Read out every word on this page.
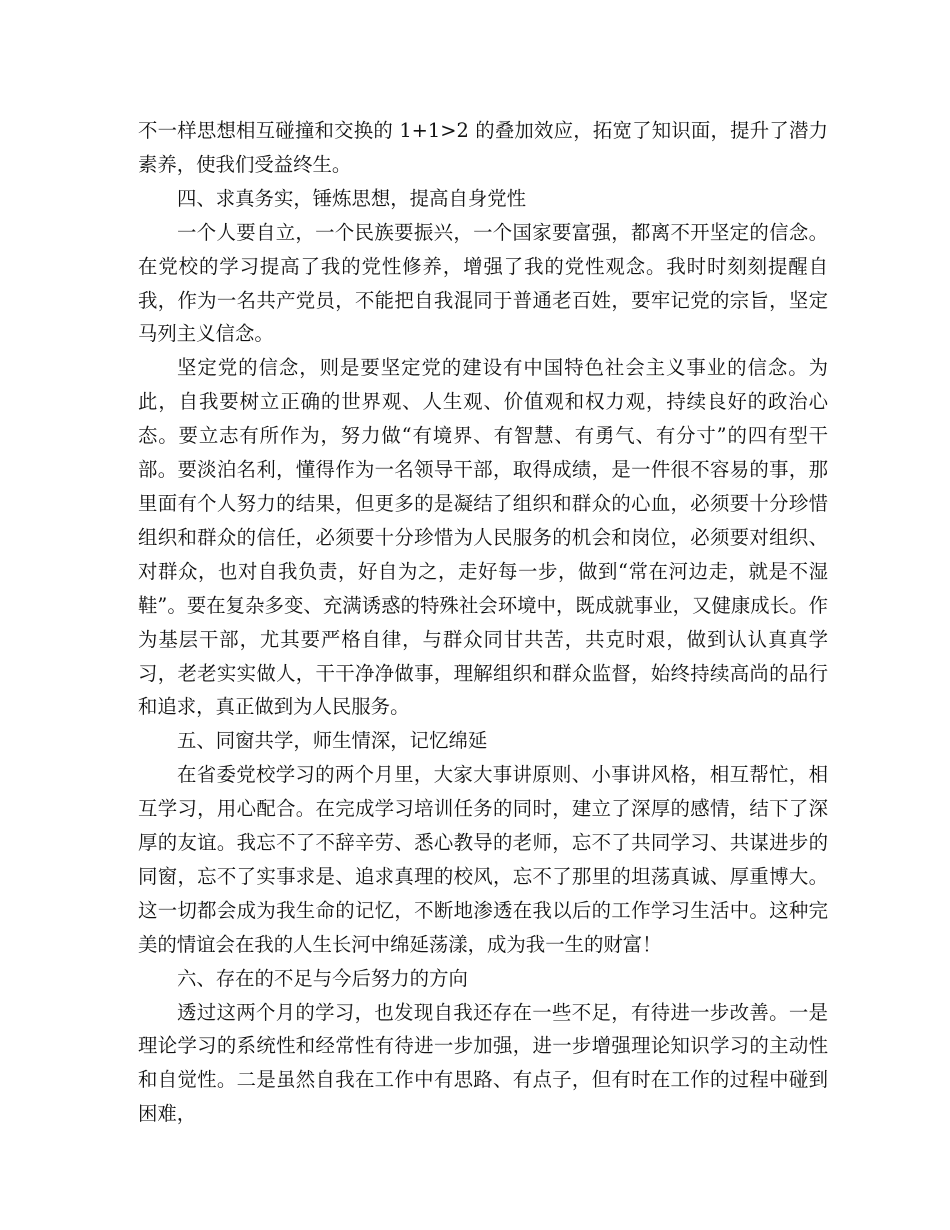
不一样思想相互碰撞和交换的 1+1>2 的叠加效应，拓宽了知识面，提升了潜力素养，使我们受益终生。

四、求真务实，锤炼思想，提高自身党性

一个人要自立，一个民族要振兴，一个国家要富强，都离不开坚定的信念。在党校的学习提高了我的党性修养，增强了我的党性观念。我时时刻刻提醒自我，作为一名共产党员，不能把自我混同于普通老百姓，要牢记党的宗旨，坚定马列主义信念。

坚定党的信念，则是要坚定党的建设有中国特色社会主义事业的信念。为此，自我要树立正确的世界观、人生观、价值观和权力观，持续良好的政治心态。要立志有所作为，努力做“有境界、有智慧、有勇气、有分寸”的四有型干部。要淡泊名利，懂得作为一名领导干部，取得成绩，是一件很不容易的事，那里面有个人努力的结果，但更多的是凝结了组织和群众的心血，必须要十分珍惜组织和群众的信任，必须要十分珍惜为人民服务的机会和岗位，必须要对组织、对群众，也对自我负责，好自为之，走好每一步，做到“常在河边走，就是不湿鞋”。要在复杂多变、充满诱惑的特殊社会环境中，既成就事业，又健康成长。作为基层干部，尤其要严格自律，与群众同甘共苦，共克时艰，做到认认真真学习，老老实实做人，干干净净做事，理解组织和群众监督，始终持续高尚的品行和追求，真正做到为人民服务。

五、同窗共学，师生情深，记忆绵延

在省委党校学习的两个月里，大家大事讲原则、小事讲风格，相互帮忙，相互学习，用心配合。在完成学习培训任务的同时，建立了深厚的感情，结下了深厚的友谊。我忘不了不辞辛劳、悉心教导的老师，忘不了共同学习、共谋进步的同窗，忘不了实事求是、追求真理的校风，忘不了那里的坦荡真诚、厚重博大。这一切都会成为我生命的记忆，不断地渗透在我以后的工作学习生活中。这种完美的情谊会在我的人生长河中绵延荡漾，成为我一生的财富！

六、存在的不足与今后努力的方向

透过这两个月的学习，也发现自我还存在一些不足，有待进一步改善。一是理论学习的系统性和经常性有待进一步加强，进一步增强理论知识学习的主动性和自觉性。二是虽然自我在工作中有思路、有点子，但有时在工作的过程中碰到困难，
